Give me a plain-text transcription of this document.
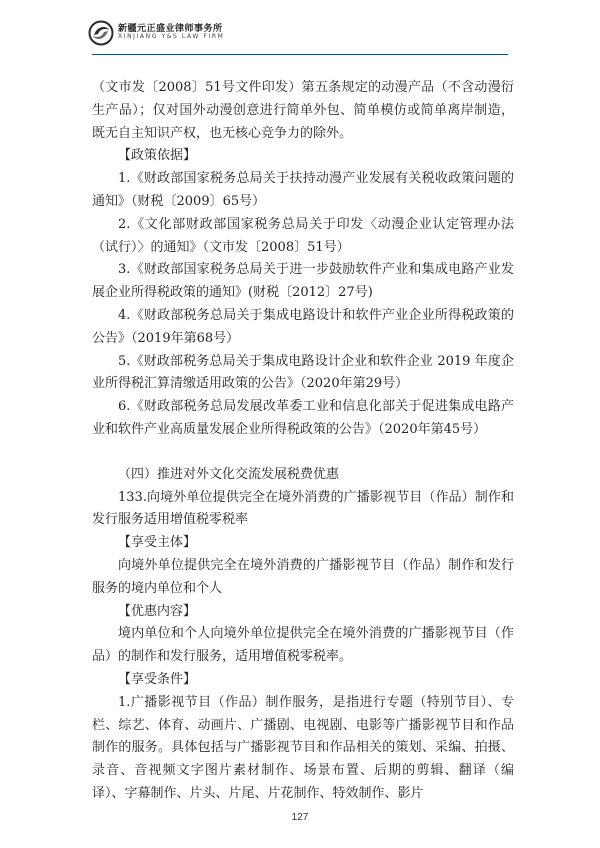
新疆元正盛业律师事务所
XINJIANG Y&S LAW FIRM

（文市发〔2008〕51号文件印发）第五条规定的动漫产品（不含动漫衍生产品）；仅对国外动漫创意进行简单外包、简单模仿或简单离岸制造，既无自主知识产权，也无核心竞争力的除外。

【政策依据】

1.《财政部国家税务总局关于扶持动漫产业发展有关税收政策问题的通知》（财税〔2009〕65号）

2.《文化部财政部国家税务总局关于印发〈动漫企业认定管理办法（试行）〉的通知》（文市发〔2008〕51号）

3.《财政部国家税务总局关于进一步鼓励软件产业和集成电路产业发展企业所得税政策的通知》(财税〔2012〕27号)

4.《财政部税务总局关于集成电路设计和软件产业企业所得税政策的公告》（2019年第68号）

5.《财政部税务总局关于集成电路设计企业和软件企业 2019 年度企业所得税汇算清缴适用政策的公告》（2020年第29号）

6.《财政部税务总局发展改革委工业和信息化部关于促进集成电路产业和软件产业高质量发展企业所得税政策的公告》（2020年第45号）

（四）推进对外文化交流发展税费优惠

133.向境外单位提供完全在境外消费的广播影视节目（作品）制作和发行服务适用增值税零税率

【享受主体】

向境外单位提供完全在境外消费的广播影视节目（作品）制作和发行服务的境内单位和个人

【优惠内容】

境内单位和个人向境外单位提供完全在境外消费的广播影视节目（作品）的制作和发行服务，适用增值税零税率。

【享受条件】

1.广播影视节目（作品）制作服务，是指进行专题（特别节目）、专栏、综艺、体育、动画片、广播剧、电视剧、电影等广播影视节目和作品制作的服务。具体包括与广播影视节目和作品相关的策划、采编、拍摄、录音、音视频文字图片素材制作、场景布置、后期的剪辑、翻译（编译）、字幕制作、片头、片尾、片花制作、特效制作、影片

127
